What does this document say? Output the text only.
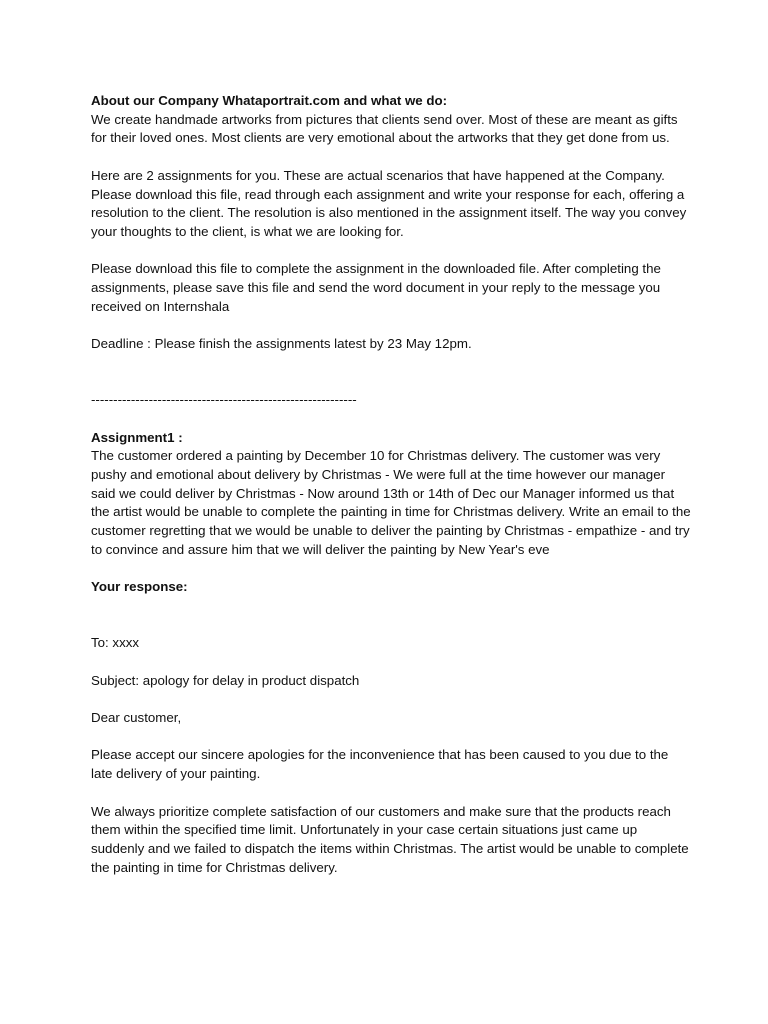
About our Company Whataportrait.com and what we do:

We create handmade artworks from pictures that clients send over. Most of these are meant as gifts for their loved ones. Most clients are very emotional about the artworks that they get done from us.

Here are 2 assignments for you. These are actual scenarios that have happened at the Company. Please download this file, read through each assignment and write your response for each, offering a resolution to the client. The resolution is also mentioned in the assignment itself. The way you convey your thoughts to the client, is what we are looking for.

Please download this file to complete the assignment in the downloaded file. After completing the assignments, please save this file and send the word document in your reply to the message you received on Internshala

Deadline : Please finish the assignments latest by 23 May 12pm.

------------------------------------------------------------

Assignment1 :

The customer ordered a painting by December 10 for Christmas delivery. The customer was very pushy and emotional about delivery by Christmas - We were full at the time however our manager said we could deliver by Christmas - Now around 13th or 14th of Dec our Manager informed us that the artist would be unable to complete the painting in time for Christmas delivery. Write an email to the customer regretting that we would be unable to deliver the painting by Christmas - empathize - and try to convince and assure him that we will deliver the painting by New Year's eve

Your response:

To: xxxx

Subject: apology for delay in product dispatch

Dear customer,

Please accept our sincere apologies for the inconvenience that has been caused to you due to the late delivery of your painting.

We always prioritize complete satisfaction of our customers and make sure that the products reach them within the specified time limit. Unfortunately in your case certain situations just came up suddenly and we failed to dispatch the items within Christmas. The artist would be unable to complete the painting in time for Christmas delivery.
